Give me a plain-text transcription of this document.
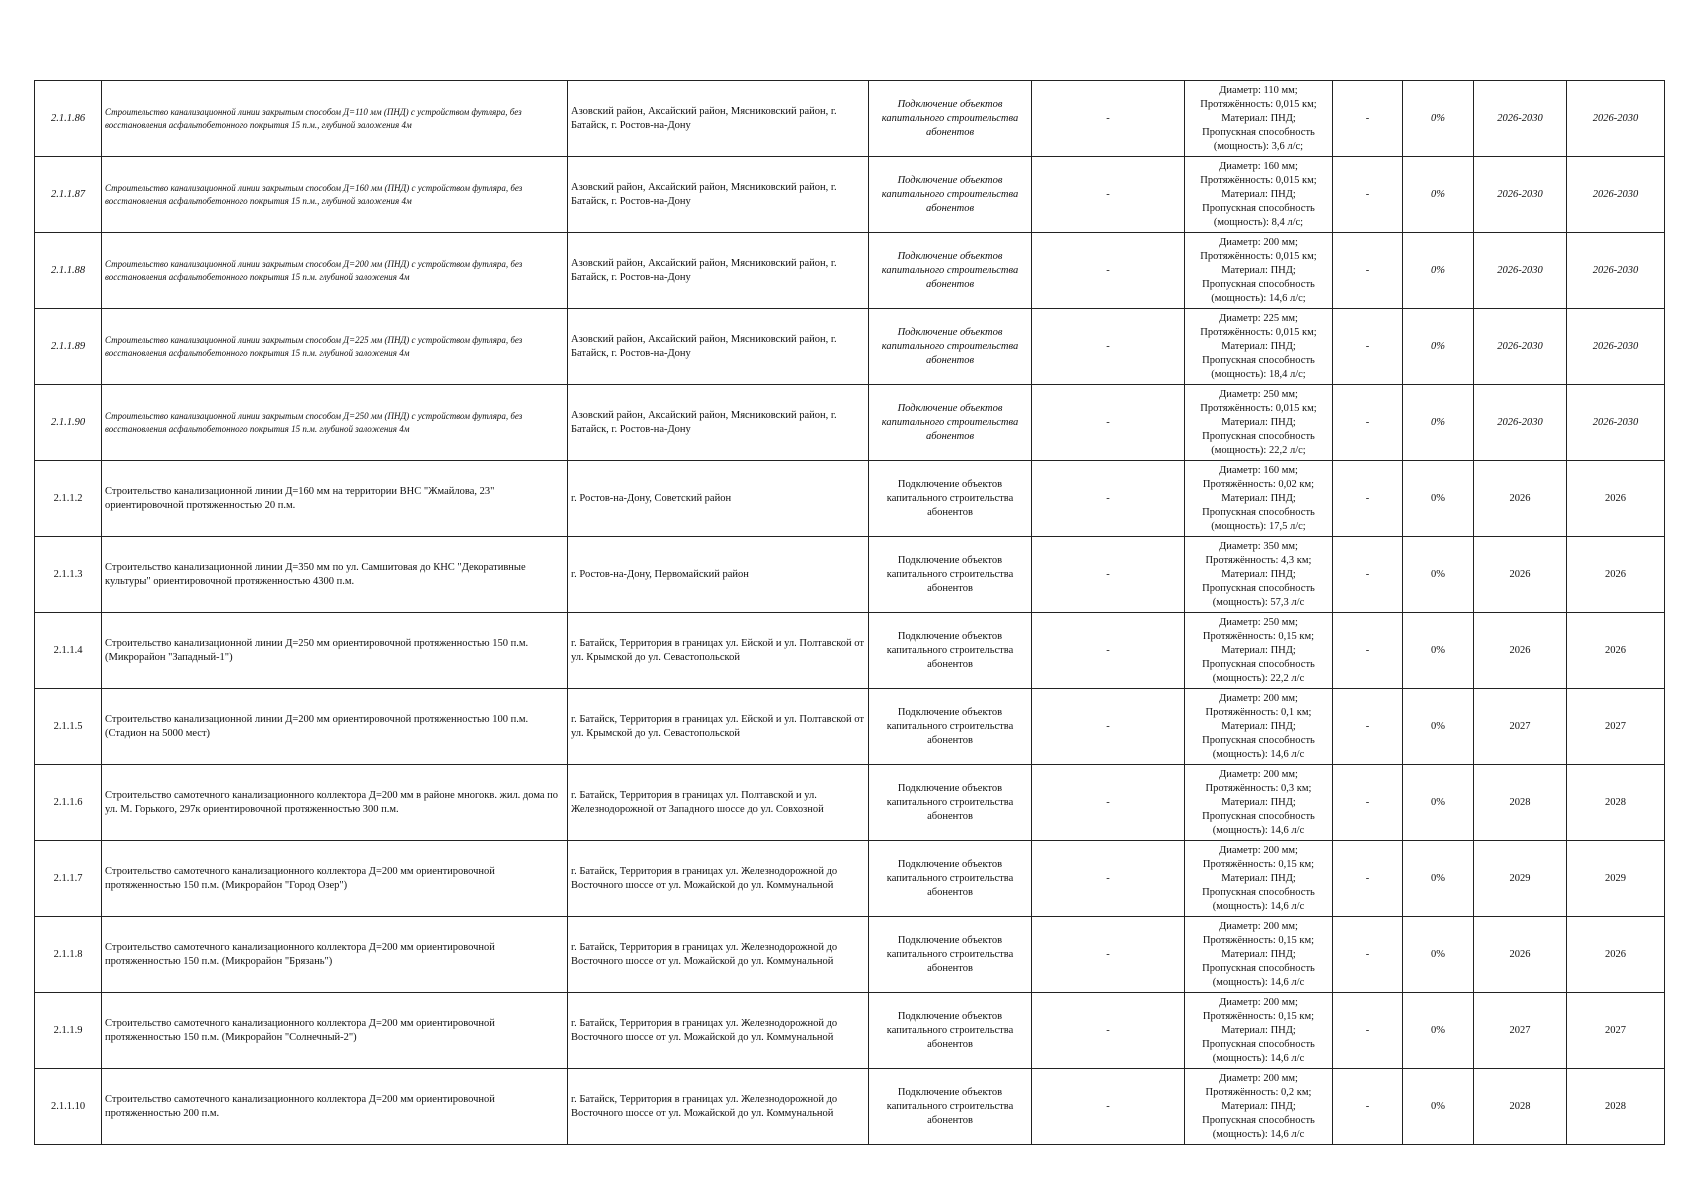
2.1.1.86	Строительство канализационной линии закрытым способом Д=110 мм (ПНД) с устройством футляра, без восстановления асфальтобетонного покрытия 15 п.м., глубиной заложения 4м	Азовский район, Аксайский район, Мясниковский район, г. Батайск, г. Ростов-на-Дону	Подключение объектов капитального строительства абонентов	-	Диаметр: 110 мм;
Протяжённость: 0,015 км;
Материал: ПНД;
Пропускная способность
(мощность): 3,6 л/с;	-	0%	2026-2030	2026-2030
2.1.1.87	Строительство канализационной линии закрытым способом Д=160 мм (ПНД) с устройством футляра, без восстановления асфальтобетонного покрытия 15 п.м., глубиной заложения 4м	Азовский район, Аксайский район, Мясниковский район, г. Батайск, г. Ростов-на-Дону	Подключение объектов капитального строительства абонентов	-	Диаметр: 160 мм;
Протяжённость: 0,015 км;
Материал: ПНД;
Пропускная способность
(мощность): 8,4 л/с;	-	0%	2026-2030	2026-2030
2.1.1.88	Строительство канализационной линии закрытым способом Д=200 мм (ПНД) с устройством футляра, без восстановления асфальтобетонного покрытия 15 п.м. глубиной заложения 4м	Азовский район, Аксайский район, Мясниковский район, г. Батайск, г. Ростов-на-Дону	Подключение объектов капитального строительства абонентов	-	Диаметр: 200 мм;
Протяжённость: 0,015 км;
Материал: ПНД;
Пропускная способность
(мощность): 14,6 л/с;	-	0%	2026-2030	2026-2030
2.1.1.89	Строительство канализационной линии закрытым способом Д=225 мм (ПНД) с устройством футляра, без восстановления асфальтобетонного покрытия 15 п.м. глубиной заложения 4м	Азовский район, Аксайский район, Мясниковский район, г. Батайск, г. Ростов-на-Дону	Подключение объектов капитального строительства абонентов	-	Диаметр: 225 мм;
Протяжённость: 0,015 км;
Материал: ПНД;
Пропускная способность
(мощность): 18,4 л/с;	-	0%	2026-2030	2026-2030
2.1.1.90	Строительство канализационной линии закрытым способом Д=250 мм (ПНД) с устройством футляра, без восстановления асфальтобетонного покрытия 15 п.м. глубиной заложения 4м	Азовский район, Аксайский район, Мясниковский район, г. Батайск, г. Ростов-на-Дону	Подключение объектов капитального строительства абонентов	-	Диаметр: 250 мм;
Протяжённость: 0,015 км;
Материал: ПНД;
Пропускная способность
(мощность): 22,2 л/с;	-	0%	2026-2030	2026-2030
2.1.1.2	Строительство канализационной линии Д=160 мм на территории ВНС "Жмайлова, 23" ориентировочной протяженностью 20 п.м.	г. Ростов-на-Дону, Советский район	Подключение объектов капитального строительства абонентов	-	Диаметр: 160 мм;
Протяжённость: 0,02 км;
Материал: ПНД;
Пропускная способность
(мощность): 17,5 л/с;	-	0%	2026	2026
2.1.1.3	Строительство канализационной линии Д=350 мм по ул. Самшитовая до КНС "Декоративные культуры" ориентировочной протяженностью 4300 п.м.	г. Ростов-на-Дону, Первомайский район	Подключение объектов капитального строительства абонентов	-	Диаметр: 350 мм;
Протяжённость: 4,3 км;
Материал: ПНД;
Пропускная способность
(мощность): 57,3 л/с	-	0%	2026	2026
2.1.1.4	Строительство канализационной линии Д=250 мм ориентировочной протяженностью 150 п.м. (Микрорайон "Западный-1")	г. Батайск, Территория в границах ул. Ейской и ул. Полтавской от ул. Крымской до ул. Севастопольской	Подключение объектов капитального строительства абонентов	-	Диаметр: 250 мм;
Протяжённость: 0,15 км;
Материал: ПНД;
Пропускная способность
(мощность): 22,2 л/с	-	0%	2026	2026
2.1.1.5	Строительство канализационной линии Д=200 мм ориентировочной протяженностью 100 п.м. (Стадион на 5000 мест)	г. Батайск, Территория в границах ул. Ейской и ул. Полтавской от ул. Крымской до ул. Севастопольской	Подключение объектов капитального строительства абонентов	-	Диаметр: 200 мм;
Протяжённость: 0,1 км;
Материал: ПНД;
Пропускная способность
(мощность): 14,6 л/с	-	0%	2027	2027
2.1.1.6	Строительство самотечного канализационного коллектора Д=200 мм в районе многокв. жил. дома по ул. М. Горького, 297к ориентировочной протяженностью 300 п.м.	г. Батайск, Территория в границах ул. Полтавской и ул. Железнодорожной от Западного шоссе до ул. Совхозной	Подключение объектов капитального строительства абонентов	-	Диаметр: 200 мм;
Протяжённость: 0,3 км;
Материал: ПНД;
Пропускная способность
(мощность): 14,6 л/с	-	0%	2028	2028
2.1.1.7	Строительство самотечного канализационного коллектора Д=200 мм ориентировочной протяженностью 150 п.м. (Микрорайон "Город Озер")	г. Батайск, Территория в границах ул. Железнодорожной до Восточного шоссе от ул. Можайской до ул. Коммунальной	Подключение объектов капитального строительства абонентов	-	Диаметр: 200 мм;
Протяжённость: 0,15 км;
Материал: ПНД;
Пропускная способность
(мощность): 14,6 л/с	-	0%	2029	2029
2.1.1.8	Строительство самотечного канализационного коллектора Д=200 мм ориентировочной протяженностью 150 п.м. (Микрорайон "Брязань")	г. Батайск, Территория в границах ул. Железнодорожной до Восточного шоссе от ул. Можайской до ул. Коммунальной	Подключение объектов капитального строительства абонентов	-	Диаметр: 200 мм;
Протяжённость: 0,15 км;
Материал: ПНД;
Пропускная способность
(мощность): 14,6 л/с	-	0%	2026	2026
2.1.1.9	Строительство самотечного канализационного коллектора Д=200 мм ориентировочной протяженностью 150 п.м. (Микрорайон "Солнечный-2")	г. Батайск, Территория в границах ул. Железнодорожной до Восточного шоссе от ул. Можайской до ул. Коммунальной	Подключение объектов капитального строительства абонентов	-	Диаметр: 200 мм;
Протяжённость: 0,15 км;
Материал: ПНД;
Пропускная способность
(мощность): 14,6 л/с	-	0%	2027	2027
2.1.1.10	Строительство самотечного канализационного коллектора Д=200 мм ориентировочной протяженностью 200 п.м.	г. Батайск, Территория в границах ул. Железнодорожной до Восточного шоссе от ул. Можайской до ул. Коммунальной	Подключение объектов капитального строительства абонентов	-	Диаметр: 200 мм;
Протяжённость: 0,2 км;
Материал: ПНД;
Пропускная способность
(мощность): 14,6 л/с	-	0%	2028	2028
